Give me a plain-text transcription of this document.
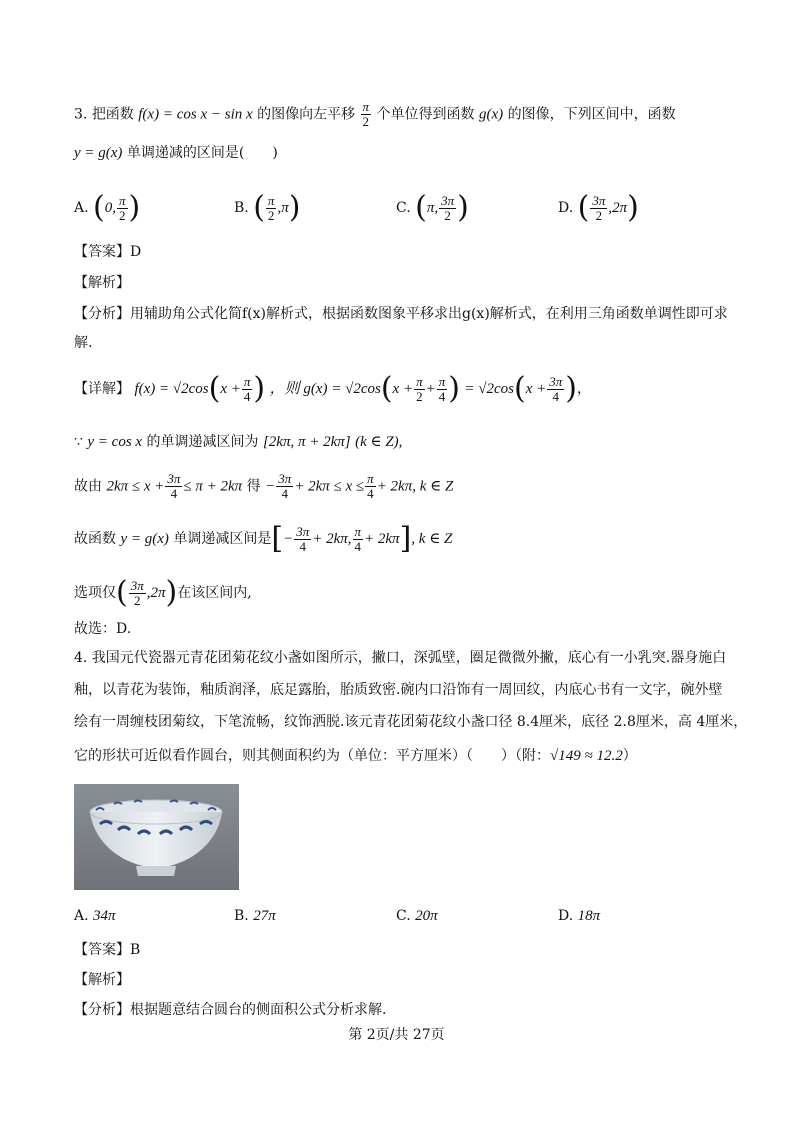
3. 把函数 f(x) = cos x − sin x 的图像向左平移 $\frac{\pi}{2}$ 个单位得到函数 g(x) 的图像，下列区间中，函数
y = g(x) 单调递减的区间是(　　)
A. (0, $\frac{\pi}{2}$ )	B. ( $\frac{\pi}{2} ,\pi$)	C. (π, $\frac{3\pi}{2}$ )	D. ( $\frac{3\pi}{2} ,2\pi$)
【答案】D
【解析】
【分析】用辅助角公式化简f(x)解析式，根据函数图象平移求出g(x)解析式，在利用三角函数单调性即可求
解.
【详解】 $f(x) = √2\cos(x + \frac{\pi}{4}$ ) ，则 $g(x) = √2\cos(x + \frac{\pi}{2} + \frac{\pi}{4}$ ) = $√2\cos(x + \frac{3\pi}{4}$ )，
∵ y = cos x 的单调递减区间为 [2kπ, π + 2kπ] (k ∈ Z),
故由 $2k\pi \le x + \frac{3\pi}{4} \le \pi + 2k\pi$ 得 − $\frac{3\pi}{4} + 2k\pi \le x \le \frac{\pi}{4} + 2k\pi$, k ∈ Z
故函数 y = g(x) 单调递减区间是[− $\frac{3\pi}{4} + 2k\pi$, $\frac{\pi}{4} + 2k\pi$], k ∈ Z
选项仅( $\frac{3\pi}{2} ,2\pi$)在该区间内,
故选：D.
4. 我国元代瓷器元青花团菊花纹小盏如图所示，撇口，深弧壁，圈足微微外撇，底心有一小乳突.器身施白
釉，以青花为装饰，釉质润泽，底足露胎，胎质致密.碗内口沿饰有一周回纹，内底心书有一文字，碗外壁
绘有一周缠枝团菊纹，下笔流畅，纹饰洒脱.该元青花团菊花纹小盏口径 8.4厘米，底径 2.8厘米，高 4厘米，
它的形状可近似看作圆台，则其侧面积约为（单位：平方厘米）（　　）（附：√149 ≈ 12.2）
A. 34π	B. 27π	C. 20π	D. 18π
【答案】B
【解析】
【分析】根据题意结合圆台的侧面积公式分析求解.
第 2页/共 27页
